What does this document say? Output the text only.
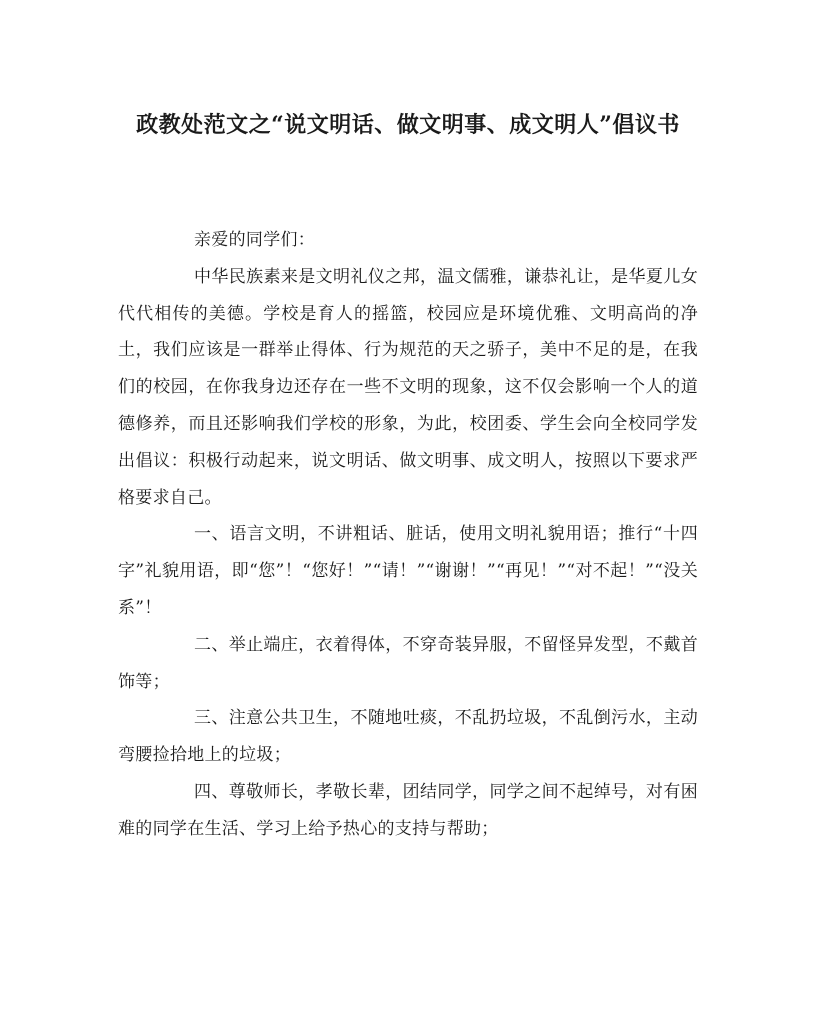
政教处范文之“说文明话、做文明事、成文明人”倡议书

亲爱的同学们：

中华民族素来是文明礼仪之邦，温文儒雅，谦恭礼让，是华夏儿女代代相传的美德。学校是育人的摇篮，校园应是环境优雅、文明高尚的净土，我们应该是一群举止得体、行为规范的天之骄子，美中不足的是，在我们的校园，在你我身边还存在一些不文明的现象，这不仅会影响一个人的道德修养，而且还影响我们学校的形象，为此，校团委、学生会向全校同学发出倡议：积极行动起来，说文明话、做文明事、成文明人，按照以下要求严格要求自己。

一、语言文明，不讲粗话、脏话，使用文明礼貌用语；推行“十四字”礼貌用语，即“您”！“您好！”“请！”“谢谢！”“再见！”“对不起！”“没关系”！

二、举止端庄，衣着得体，不穿奇装异服，不留怪异发型，不戴首饰等；

三、注意公共卫生，不随地吐痰，不乱扔垃圾，不乱倒污水，主动弯腰捡拾地上的垃圾；

四、尊敬师长，孝敬长辈，团结同学，同学之间不起绰号，对有困难的同学在生活、学习上给予热心的支持与帮助；
